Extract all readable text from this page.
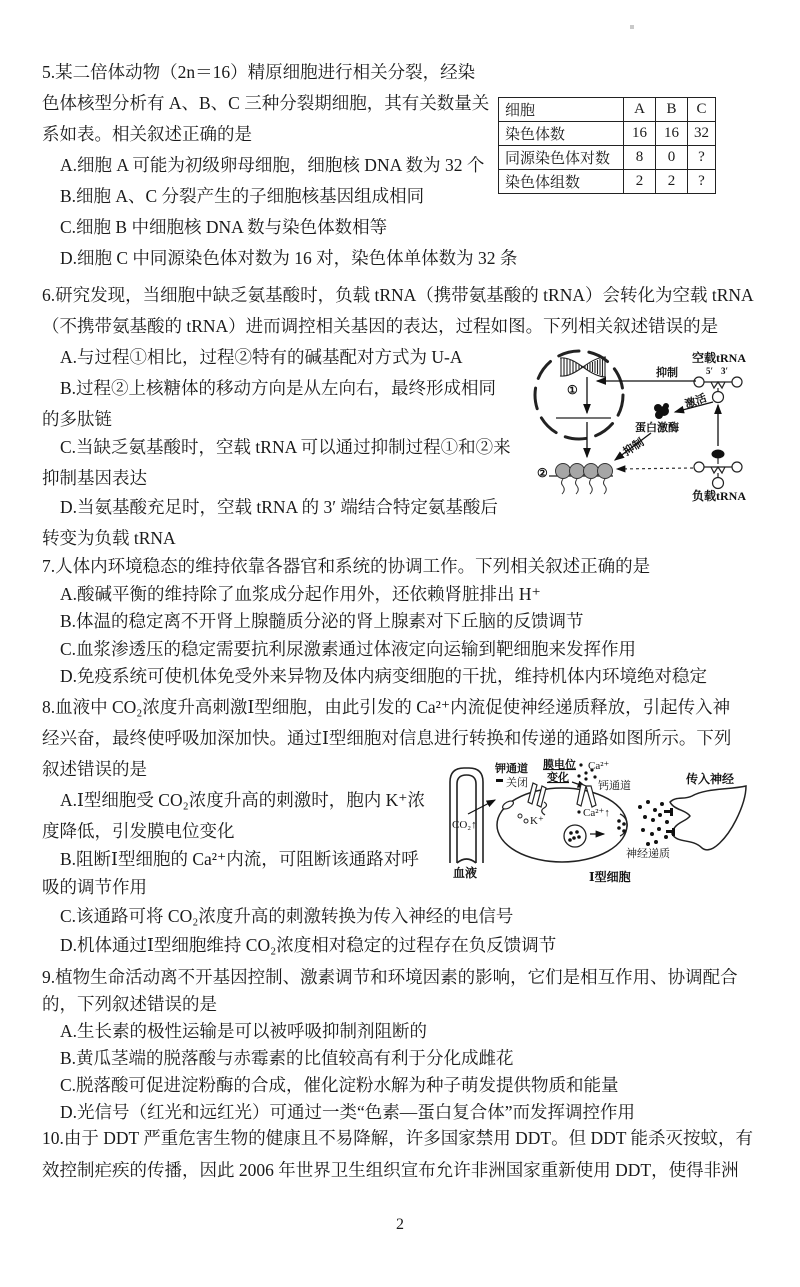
5.某二倍体动物（2n＝16）精原细胞进行相关分裂，经染
色体核型分析有 A、B、C 三种分裂期细胞，其有关数量关
系如表。相关叙述正确的是
A.细胞 A 可能为初级卵母细胞，细胞核 DNA 数为 32 个
B.细胞 A、C 分裂产生的子细胞核基因组成相同
C.细胞 B 中细胞核 DNA 数与染色体数相等
D.细胞 C 中同源染色体对数为 16 对，染色体单体数为 32 条
细胞	A	B	C
染色体数	16	16	32
同源染色体对数	8	0	?
染色体组数	2	2	?
6.研究发现，当细胞中缺乏氨基酸时，负载 tRNA（携带氨基酸的 tRNA）会转化为空载 tRNA
（不携带氨基酸的 tRNA）进而调控相关基因的表达，过程如图。下列相关叙述错误的是
A.与过程①相比，过程②特有的碱基配对方式为 U-A
B.过程②上核糖体的移动方向是从左向右，最终形成相同
的多肽链
C.当缺乏氨基酸时，空载 tRNA 可以通过抑制过程①和②来
抑制基因表达
D.当氨基酸充足时，空载 tRNA 的 3′ 端结合特定氨基酸后
转变为负载 tRNA
①
②
空载tRNA
5′ 3′
抑制
激活
蛋白激酶
抑制
负载tRNA
7.人体内环境稳态的维持依靠各器官和系统的协调工作。下列相关叙述正确的是
A.酸碱平衡的维持除了血浆成分起作用外，还依赖肾脏排出 H⁺
B.体温的稳定离不开肾上腺髓质分泌的肾上腺素对下丘脑的反馈调节
C.血浆渗透压的稳定需要抗利尿激素通过体液定向运输到靶细胞来发挥作用
D.免疫系统可使机体免受外来异物及体内病变细胞的干扰，维持机体内环境绝对稳定
8.血液中 CO₂浓度升高刺激Ⅰ型细胞，由此引发的 Ca²⁺内流促使神经递质释放，引起传入神
经兴奋，最终使呼吸加深加快。通过Ⅰ型细胞对信息进行转换和传递的通路如图所示。下列
叙述错误的是
A.Ⅰ型细胞受 CO₂浓度升高的刺激时，胞内 K⁺浓
度降低，引发膜电位变化
B.阻断Ⅰ型细胞的 Ca²⁺内流，可阻断该通路对呼
吸的调节作用
C.该通路可将 CO₂浓度升高的刺激转换为传入神经的电信号
D.机体通过Ⅰ型细胞维持 CO₂浓度相对稳定的过程存在负反馈调节
CO₂↑
血液
钾通道
关闭
膜电位
变化
Ca²⁺
钙通道
K⁺
Ca²⁺↑
神经递质
传入神经
Ⅰ型细胞
9.植物生命活动离不开基因控制、激素调节和环境因素的影响，它们是相互作用、协调配合
的，下列叙述错误的是
A.生长素的极性运输是可以被呼吸抑制剂阻断的
B.黄瓜茎端的脱落酸与赤霉素的比值较高有利于分化成雌花
C.脱落酸可促进淀粉酶的合成，催化淀粉水解为种子萌发提供物质和能量
D.光信号（红光和远红光）可通过一类“色素—蛋白复合体”而发挥调控作用
10.由于 DDT 严重危害生物的健康且不易降解，许多国家禁用 DDT。但 DDT 能杀灭按蚊，有
效控制疟疾的传播，因此 2006 年世界卫生组织宣布允许非洲国家重新使用 DDT，使得非洲
2
